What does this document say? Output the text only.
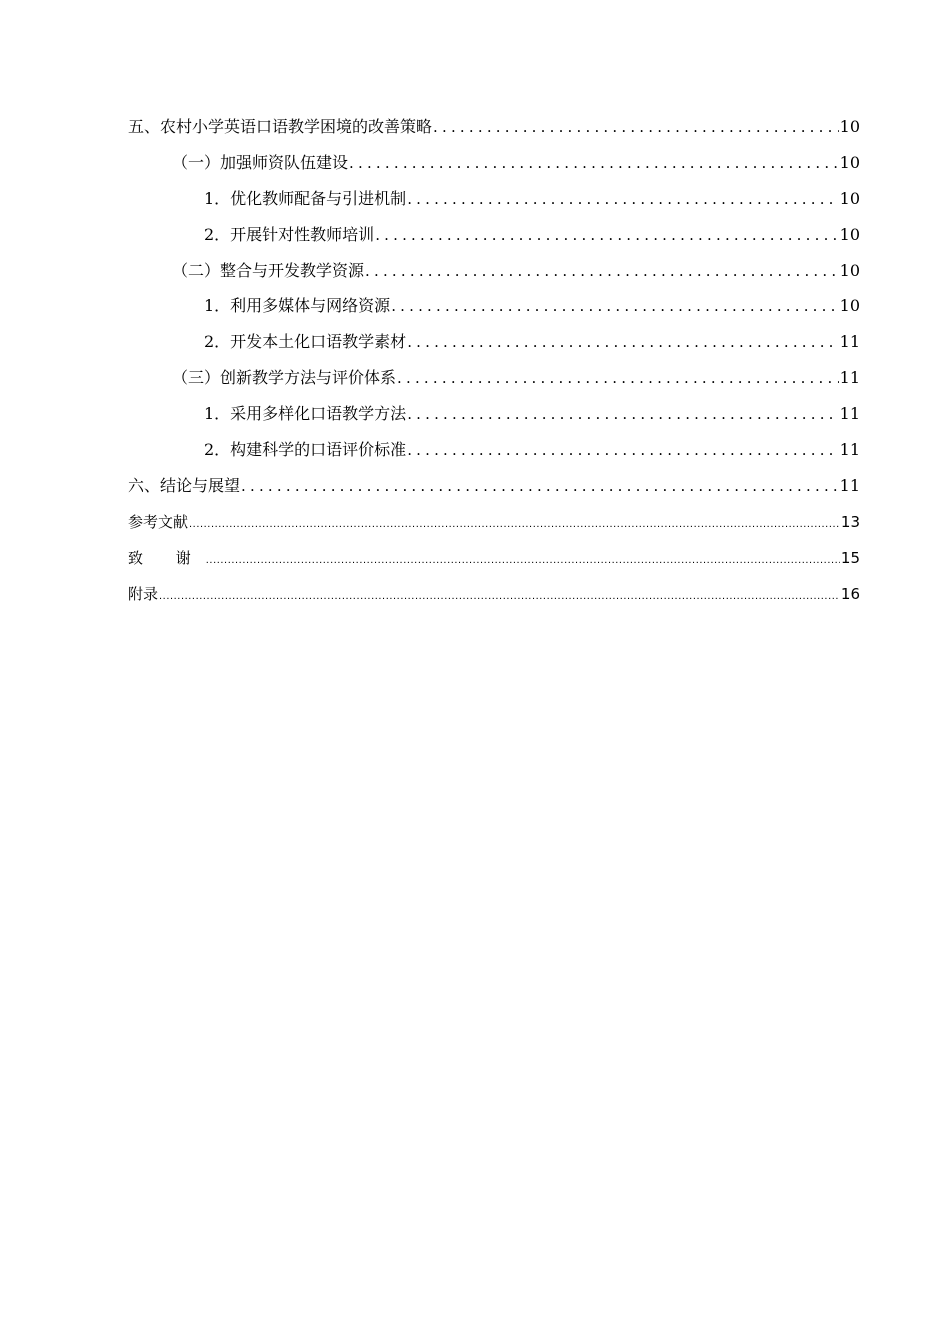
五、农村小学英语口语教学困境的改善策略 .....	10
（一）加强师资队伍建设 .....	10
1．优化教师配备与引进机制 .....	10
2．开展针对性教师培训 .....	10
（二）整合与开发教学资源 .....	10
1．利用多媒体与网络资源 .....	10
2．开发本土化口语教学素材 .....	11
（三）创新教学方法与评价体系 .....	11
1．采用多样化口语教学方法 .....	11
2．构建科学的口语评价标准 .....	11
六、结论与展望 .....	11
参考文献 .....	13
致 谢 .....	15
附录 .....	16
